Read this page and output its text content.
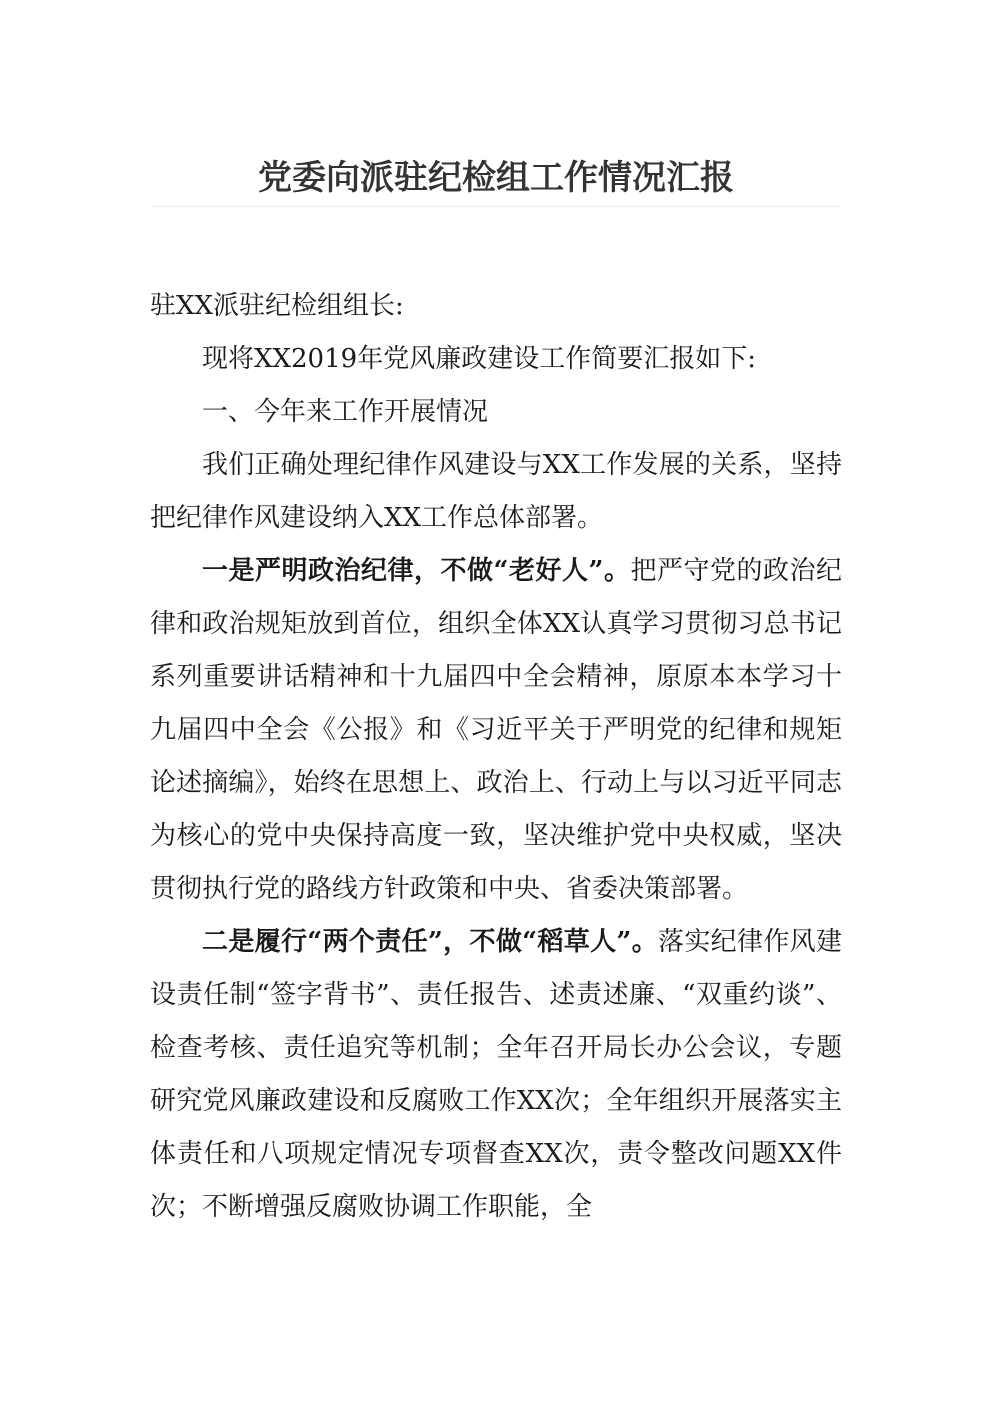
党委向派驻纪检组工作情况汇报

驻XX派驻纪检组组长:

现将XX2019年党风廉政建设工作简要汇报如下:

一、今年来工作开展情况

我们正确处理纪律作风建设与XX工作发展的关系，坚持把纪律作风建设纳入XX工作总体部署。

一是严明政治纪律，不做“老好人”。把严守党的政治纪律和政治规矩放到首位，组织全体XX认真学习贯彻习总书记系列重要讲话精神和十九届四中全会精神，原原本本学习十九届四中全会《公报》和《习近平关于严明党的纪律和规矩论述摘编》，始终在思想上、政治上、行动上与以习近平同志为核心的党中央保持高度一致，坚决维护党中央权威，坚决贯彻执行党的路线方针政策和中央、省委决策部署。

二是履行“两个责任”，不做“稻草人”。落实纪律作风建设责任制“签字背书”、责任报告、述责述廉、“双重约谈”、检查考核、责任追究等机制；全年召开局长办公会议，专题研究党风廉政建设和反腐败工作XX次；全年组织开展落实主体责任和八项规定情况专项督查XX次，责令整改问题XX件次；不断增强反腐败协调工作职能，全
